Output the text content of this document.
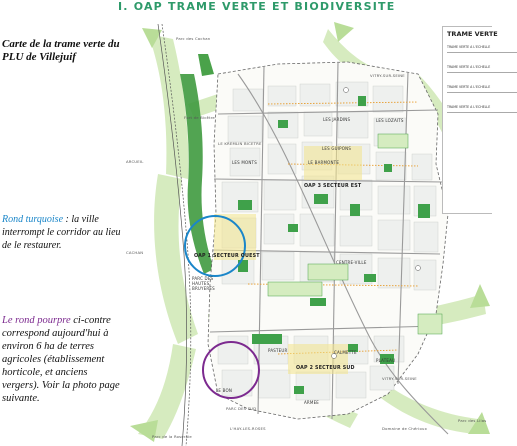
I. OAP TRAME VERTE ET BIODIVERSITE
Parc des Cachan
Fort de Bicêtre
LE KREMLIN BICETRE
LES MONTS
LES JARDINS
LES GUIPONS
LE BARMONTE
LES LOZAITS
VITRY-SUR-SEINE
ARCUEIL
CACHAN
OAP 3 SECTEUR EST
OAP 1 SECTEUR OUEST
PARC DES HAUTES BRUYERES
CENTRE-VILLE
PASTEUR	CALMETTE
PLATEAU
OAP 2 SECTEUR SUD
LE BON
ARMEE
PARC DES SUD
VITRY-SUR-SEINE
L'HAY-LES-ROSES
Parc de la Roseraie
Domaine de Chérioux
Parc des Lilas
TRAME VERTE
TRAME VERTE A L'ECHELLE
TRAME VERTE A L'ECHELLE
TRAME VERTE A L'ECHELLE
TRAME VERTE A L'ECHELLE
Carte de la trame verte du PLU de Villejuif
Rond turquoise : la ville interrompt le corridor au lieu de le restaurer.
Le rond pourpre ci-contre correspond aujourd'hui à environ 6 ha de terres agricoles (établissement horticole, et anciens vergers). Voir la photo page suivante.
